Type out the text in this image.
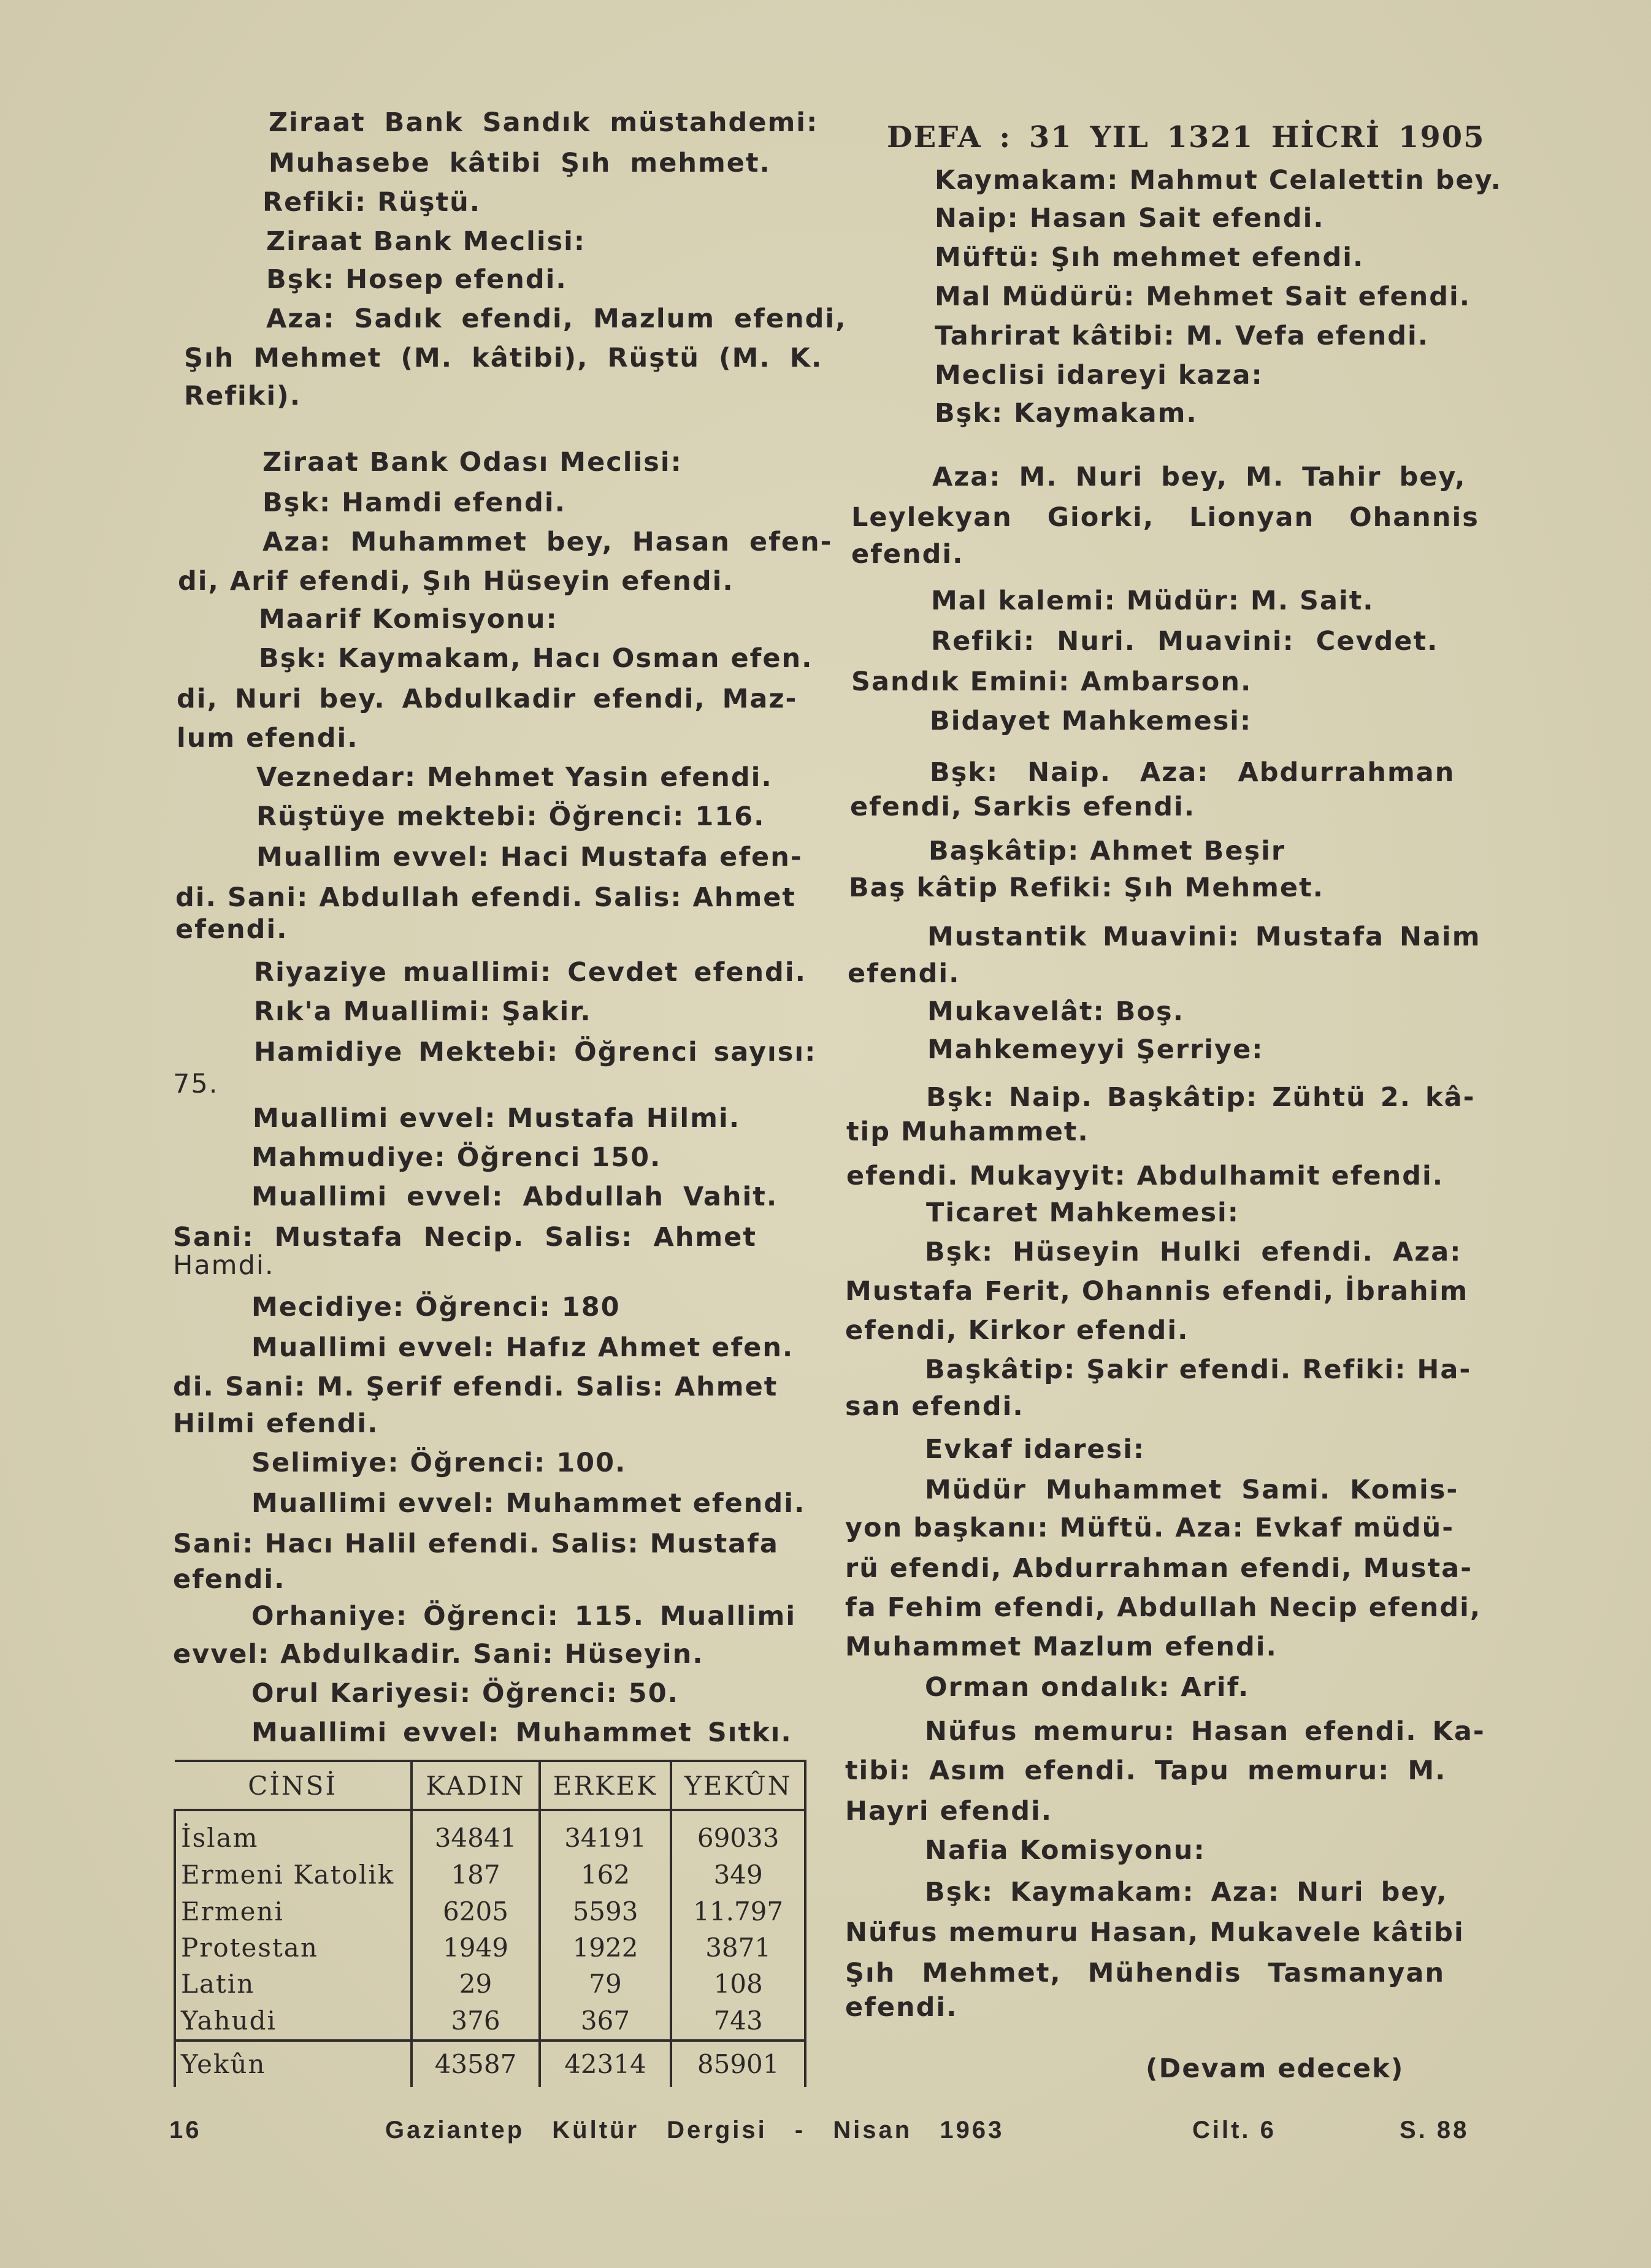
Ziraat Bank Sandık müstahdemi:
Muhasebe kâtibi Şıh mehmet.
Refiki: Rüştü.
Ziraat Bank Meclisi:
Bşk: Hosep efendi.
Aza: Sadık efendi, Mazlum efendi,
Şıh Mehmet (M. kâtibi), Rüştü (M. K.
Refiki).
Ziraat Bank Odası Meclisi:
Bşk: Hamdi efendi.
Aza: Muhammet bey, Hasan efen-
di, Arif efendi, Şıh Hüseyin efendi.
Maarif Komisyonu:
Bşk: Kaymakam, Hacı Osman efen.
di, Nuri bey. Abdulkadir efendi, Maz-
lum efendi.
Veznedar: Mehmet Yasin efendi.
Rüştüye mektebi: Öğrenci: 116.
Muallim evvel: Haci Mustafa efen-
di. Sani: Abdullah efendi. Salis: Ahmet
efendi.
Riyaziye muallimi: Cevdet efendi.
Rık'a Muallimi: Şakir.
Hamidiye Mektebi: Öğrenci sayısı:
75.
Muallimi evvel: Mustafa Hilmi.
Mahmudiye: Öğrenci 150.
Muallimi evvel: Abdullah Vahit.
Sani: Mustafa Necip. Salis: Ahmet
Hamdi.
Mecidiye: Öğrenci: 180
Muallimi evvel: Hafız Ahmet efen.
di. Sani: M. Şerif efendi. Salis: Ahmet
Hilmi efendi.
Selimiye: Öğrenci: 100.
Muallimi evvel: Muhammet efendi.
Sani: Hacı Halil efendi. Salis: Mustafa
efendi.
Orhaniye: Öğrenci: 115. Muallimi
evvel: Abdulkadir. Sani: Hüseyin.
Orul Kariyesi: Öğrenci: 50.
Muallimi evvel: Muhammet Sıtkı.
CİNSİ	KADIN	ERKEK	YEKÛN
İslam	34841	34191	69033
Ermeni Katolik	187	162	349
Ermeni	6205	5593	11.797
Protestan	1949	1922	3871
Latin	29	79	108
Yahudi	376	367	743
Yekûn	43587	42314	85901
DEFA : 31 YIL 1321 HİCRİ 1905
Kaymakam: Mahmut Celalettin bey.
Naip: Hasan Sait efendi.
Müftü: Şıh mehmet efendi.
Mal Müdürü: Mehmet Sait efendi.
Tahrirat kâtibi: M. Vefa efendi.
Meclisi idareyi kaza:
Bşk: Kaymakam.
Aza: M. Nuri bey, M. Tahir bey,
Leylekyan Giorki, Lionyan Ohannis
efendi.
Mal kalemi: Müdür: M. Sait.
Refiki: Nuri. Muavini: Cevdet.
Sandık Emini: Ambarson.
Bidayet Mahkemesi:
Bşk: Naip. Aza: Abdurrahman
efendi, Sarkis efendi.
Başkâtip: Ahmet Beşir
Baş kâtip Refiki: Şıh Mehmet.
Mustantik Muavini: Mustafa Naim
efendi.
Mukavelât: Boş.
Mahkemeyyi Şerriye:
Bşk: Naip. Başkâtip: Zühtü 2. kâ-
tip Muhammet.
efendi. Mukayyit: Abdulhamit efendi.
Ticaret Mahkemesi:
Bşk: Hüseyin Hulki efendi. Aza:
Mustafa Ferit, Ohannis efendi, İbrahim
efendi, Kirkor efendi.
Başkâtip: Şakir efendi. Refiki: Ha-
san efendi.
Evkaf idaresi:
Müdür Muhammet Sami. Komis-
yon başkanı: Müftü. Aza: Evkaf müdü-
rü efendi, Abdurrahman efendi, Musta-
fa Fehim efendi, Abdullah Necip efendi,
Muhammet Mazlum efendi.
Orman ondalık: Arif.
Nüfus memuru: Hasan efendi. Ka-
tibi: Asım efendi. Tapu memuru: M.
Hayri efendi.
Nafia Komisyonu:
Bşk: Kaymakam: Aza: Nuri bey,
Nüfus memuru Hasan, Mukavele kâtibi
Şıh Mehmet, Mühendis Tasmanyan
efendi.
(Devam edecek)
16	Gaziantep Kültür Dergisi - Nisan 1963	Cilt. 6	S. 88
